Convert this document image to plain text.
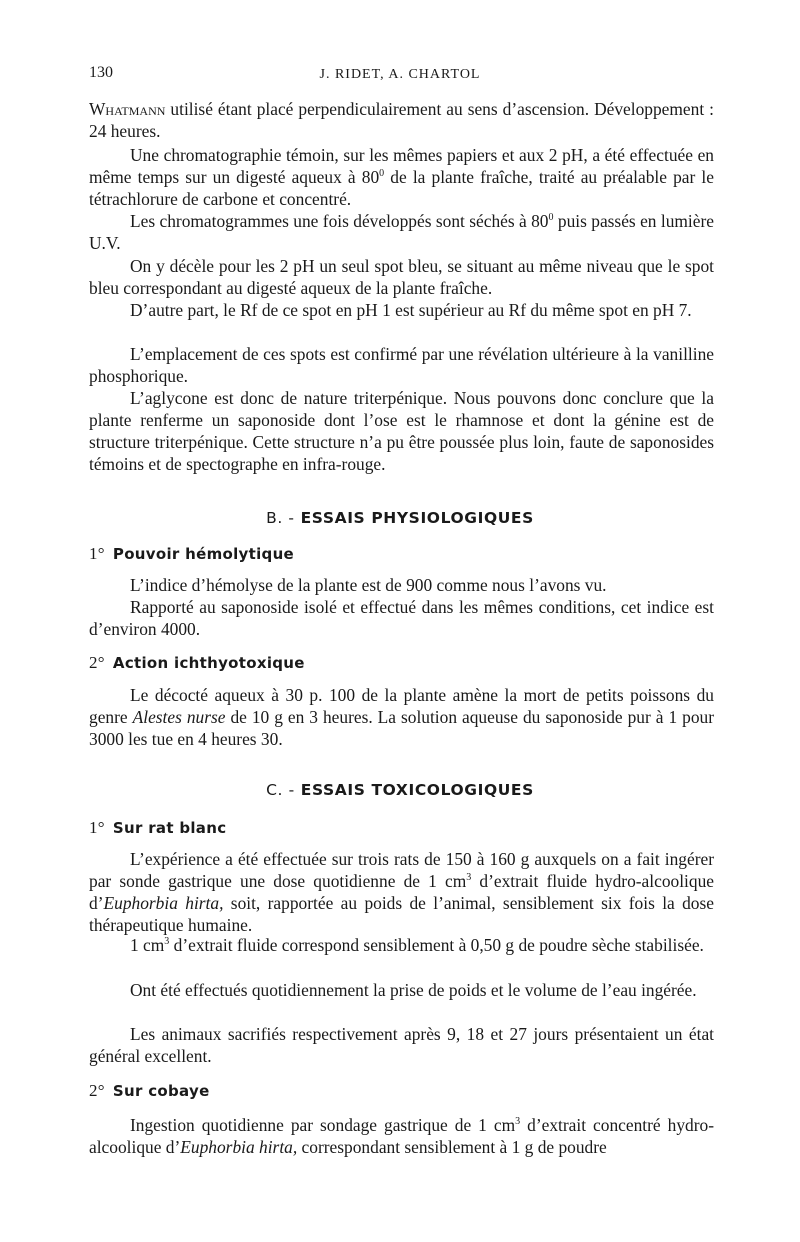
130	J. RIDET, A. CHARTOL

Whatmann utilisé étant placé perpendiculairement au sens d’ascension. Développement : 24 heures.

Une chromatographie témoin, sur les mêmes papiers et aux 2 pH, a été effectuée en même temps sur un digesté aqueux à $80^0$ de la plante fraîche, traité au préalable par le tétrachlorure de carbone et concentré.

Les chromatogrammes une fois développés sont séchés à $80^0$ puis passés en lumière U.V.

On y décèle pour les 2 pH un seul spot bleu, se situant au même niveau que le spot bleu correspondant au digesté aqueux de la plante fraîche.

D’autre part, le Rf de ce spot en pH 1 est supérieur au Rf du même spot en pH 7.

L’emplacement de ces spots est confirmé par une révélation ultérieure à la vanilline phosphorique.

L’aglycone est donc de nature triterpénique. Nous pouvons donc conclure que la plante renferme un saponoside dont l’ose est le rhamnose et dont la génine est de structure triterpénique. Cette structure n’a pu être poussée plus loin, faute de saponosides témoins et de spectographe en infra-rouge.

B. - ESSAIS PHYSIOLOGIQUES
1° Pouvoir hémolytique

L’indice d’hémolyse de la plante est de 900 comme nous l’avons vu.

Rapporté au saponoside isolé et effectué dans les mêmes conditions, cet indice est d’environ 4000.

2° Action ichthyotoxique

Le décocté aqueux à 30 p. 100 de la plante amène la mort de petits poissons du genre Alestes nurse de 10 g en 3 heures. La solution aqueuse du saponoside pur à 1 pour 3000 les tue en 4 heures 30.

C. - ESSAIS TOXICOLOGIQUES
1° Sur rat blanc

L’expérience a été effectuée sur trois rats de 150 à 160 g auxquels on a fait ingérer par sonde gastrique une dose quotidienne de 1 $cm^3$ d’extrait fluide hydro-alcoolique d’Euphorbia hirta, soit, rapportée au poids de l’animal, sensiblement six fois la dose thérapeutique humaine.

1 $cm^3$ d’extrait fluide correspond sensiblement à 0,50 g de poudre sèche stabilisée.

Ont été effectués quotidiennement la prise de poids et le volume de l’eau ingérée.

Les animaux sacrifiés respectivement après 9, 18 et 27 jours présentaient un état général excellent.

2° Sur cobaye

Ingestion quotidienne par sondage gastrique de 1 $cm^3$ d’extrait concentré hydro-alcoolique d’Euphorbia hirta, correspondant sensiblement à 1 g de poudre
